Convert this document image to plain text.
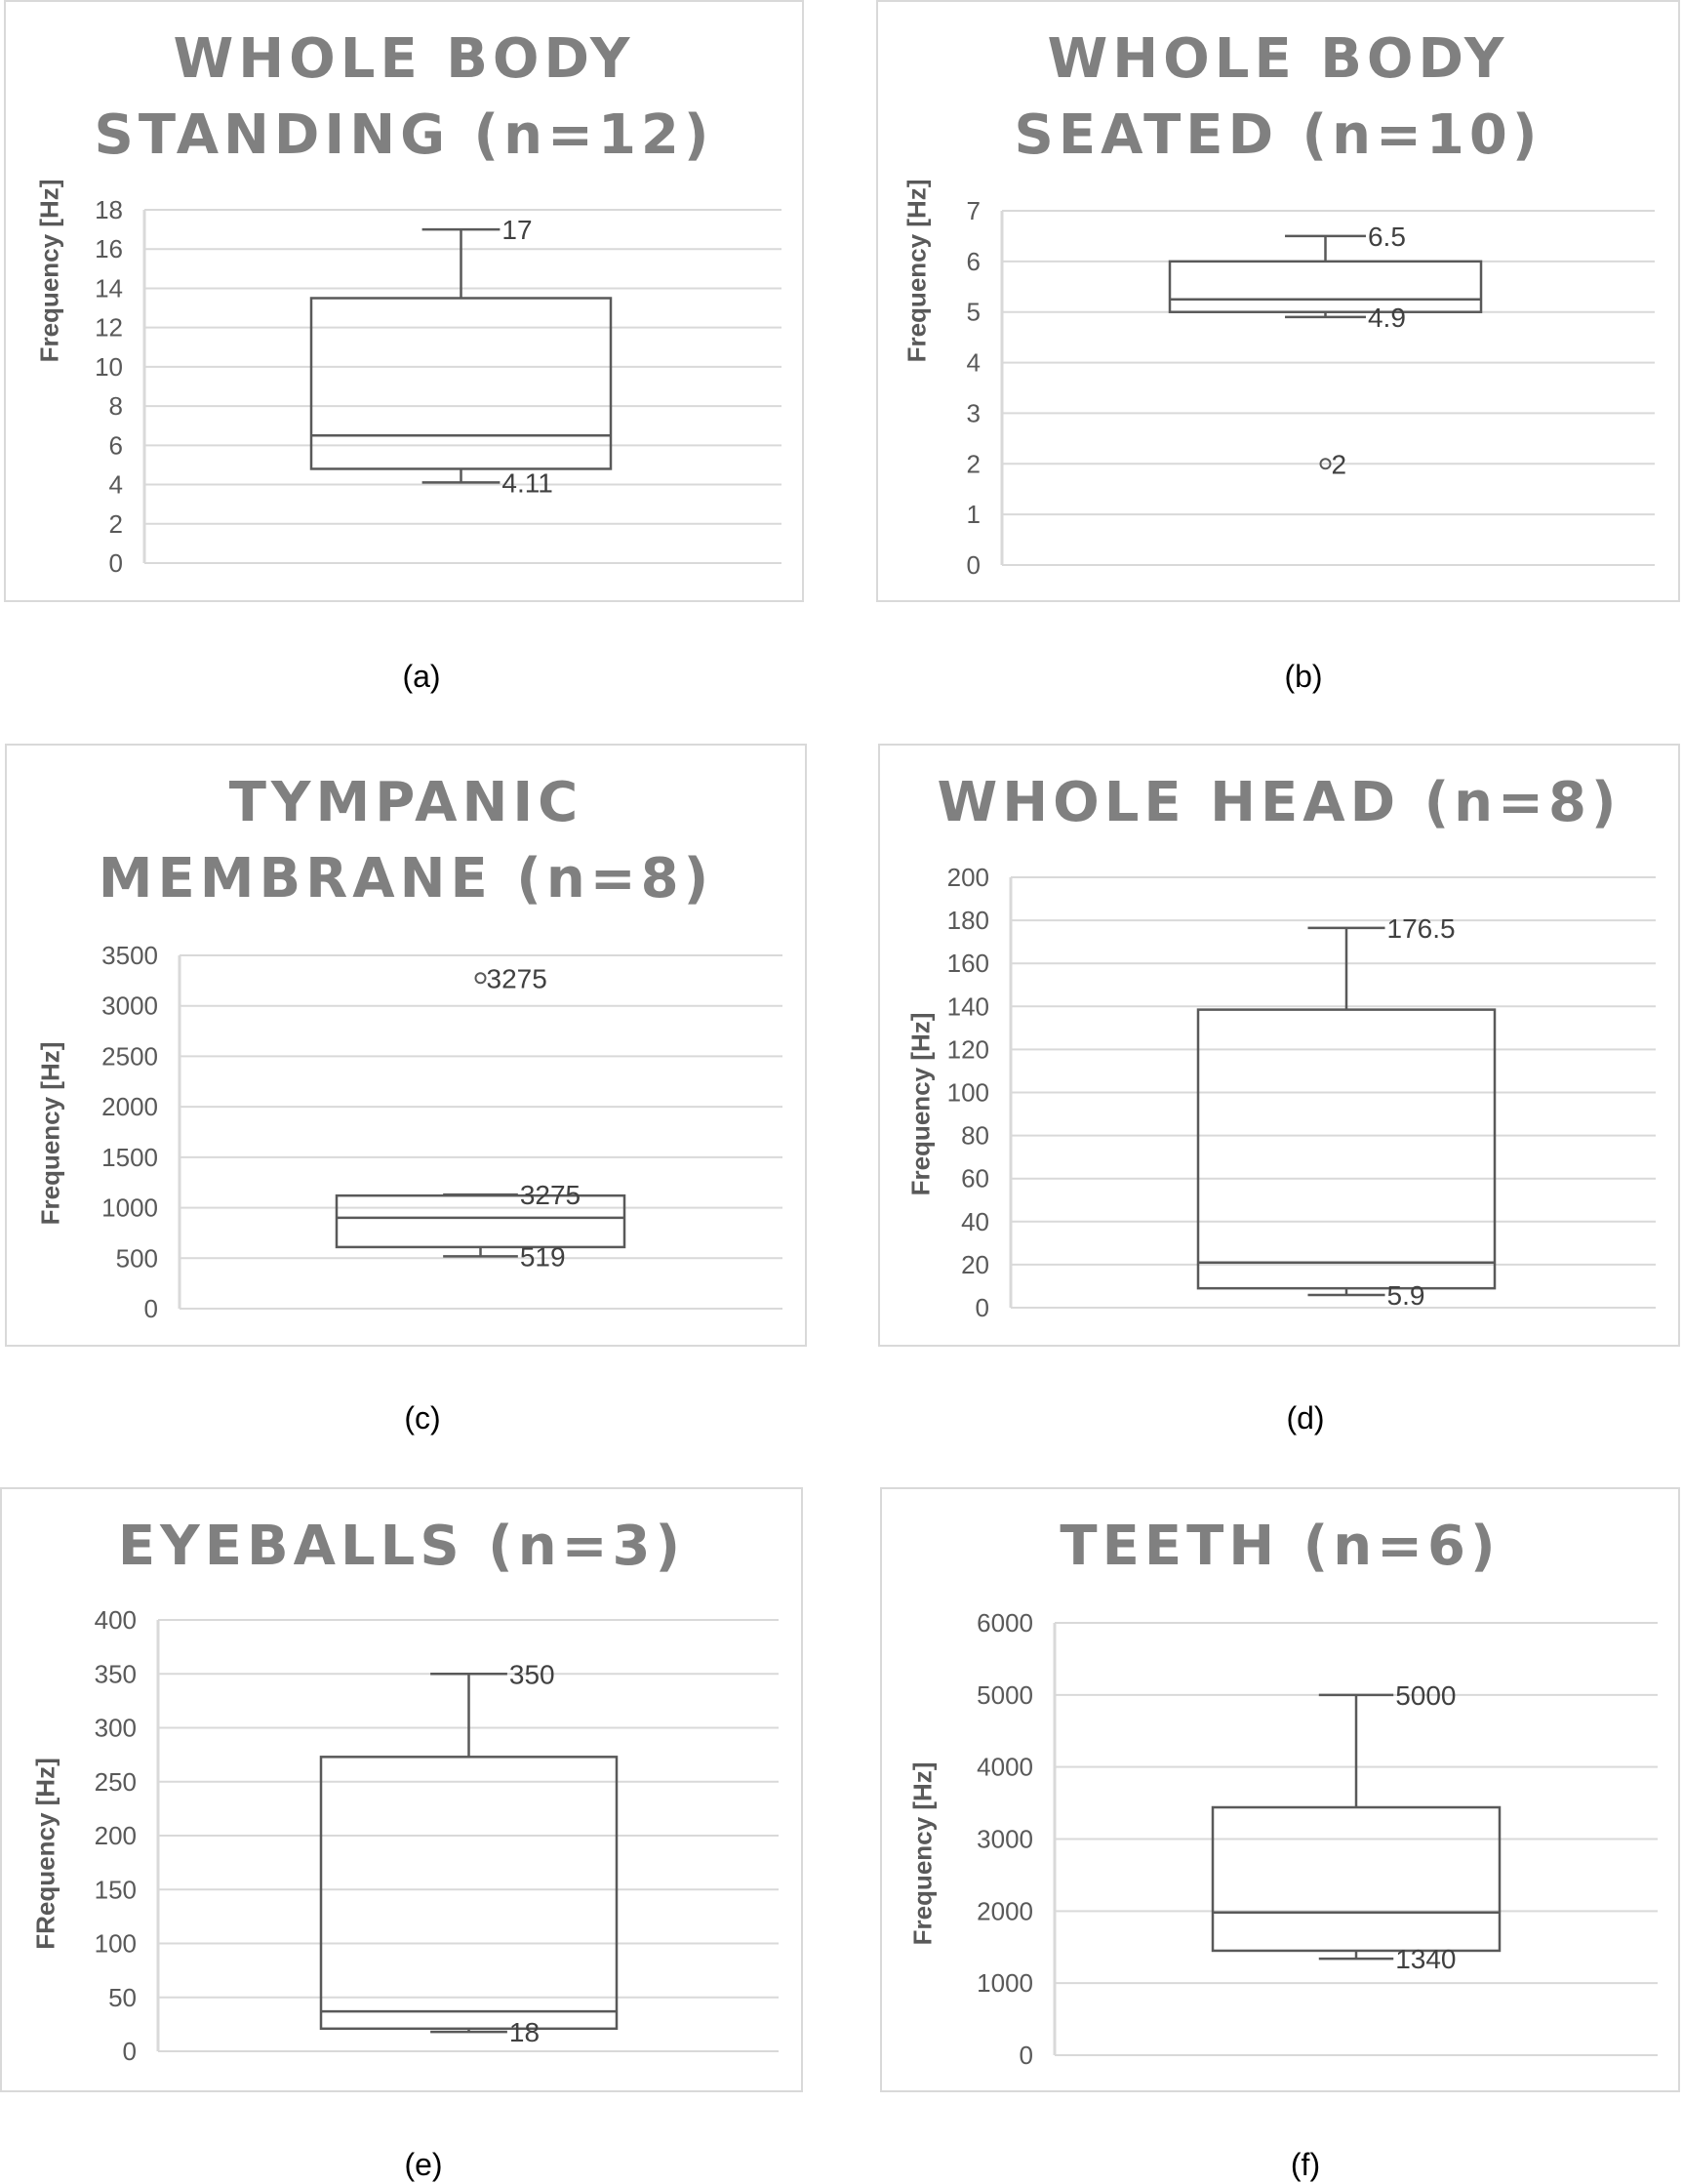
WHOLE BODY
STANDING (n=12)
Frequency [Hz]
0
2
4
6
8
10
12
14
16
18
17
4.11
(a)
WHOLE BODY
SEATED (n=10)
Frequency [Hz]
0
1
2
3
4
5
6
7
6.5
4.9
2
(b)
TYMPANIC
MEMBRANE (n=8)
Frequency [Hz]
0
500
1000
1500
2000
2500
3000
3500
3275
519
3275
(c)
WHOLE HEAD (n=8)
Frequency [Hz]
0
20
40
60
80
100
120
140
160
180
200
176.5
5.9
(d)
EYEBALLS (n=3)
FRequency [Hz]
0
50
100
150
200
250
300
350
400
350
18
(e)
TEETH (n=6)
Frequency [Hz]
0
1000
2000
3000
4000
5000
6000
5000
1340
(f)
